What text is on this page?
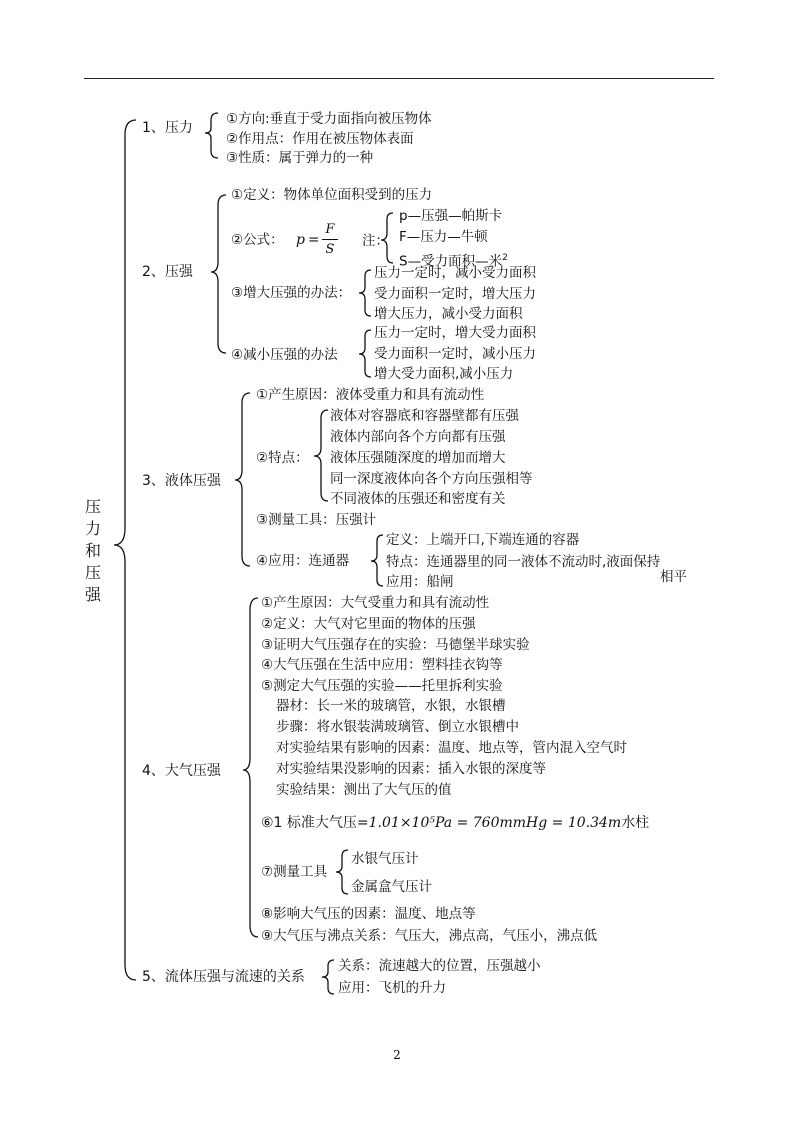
压力和压强
1、压力
①方向:垂直于受力面指向被压物体
②作用点：作用在被压物体表面
③性质：属于弹力的一种
2、压强
①定义：物体单位面积受到的压力
②公式： p =
F
S
注：
p—压强—帕斯卡
F—压力—牛顿
S—受力面积—米$^2$
③增大压强的办法：
压力一定时，减小受力面积
受力面积一定时，增大压力
增大压力，减小受力面积
④减小压强的办法
压力一定时，增大受力面积
受力面积一定时，减小压力
增大受力面积,减小压力
3、液体压强
①产生原因：液体受重力和具有流动性
②特点：
液体对容器底和容器壁都有压强
液体内部向各个方向都有压强
液体压强随深度的增加而增大
同一深度液体向各个方向压强相等
不同液体的压强还和密度有关
③测量工具：压强计
④应用：连通器
定义：上端开口,下端连通的容器
特点：连通器里的同一液体不流动时,液面保持
应用：船闸	相平
4、大气压强
①产生原因：大气受重力和具有流动性
②定义：大气对它里面的物体的压强
③证明大气压强存在的实验：马德堡半球实验
④大气压强在生活中应用：塑料挂衣钩等
⑤测定大气压强的实验——托里拆利实验
器材：长一米的玻璃管，水银，水银槽
步骤：将水银装满玻璃管、倒立水银槽中
对实验结果有影响的因素：温度、地点等，管内混入空气时
对实验结果没影响的因素：插入水银的深度等
实验结果：测出了大气压的值
⑥1 标准大气压=1.01×10⁵Pa = 760mmHg = 10.34m水柱
⑦测量工具
水银气压计
金属盒气压计
⑧影响大气压的因素：温度、地点等
⑨大气压与沸点关系：气压大，沸点高，气压小，沸点低
5、流体压强与流速的关系
关系：流速越大的位置，压强越小
应用：飞机的升力
2
